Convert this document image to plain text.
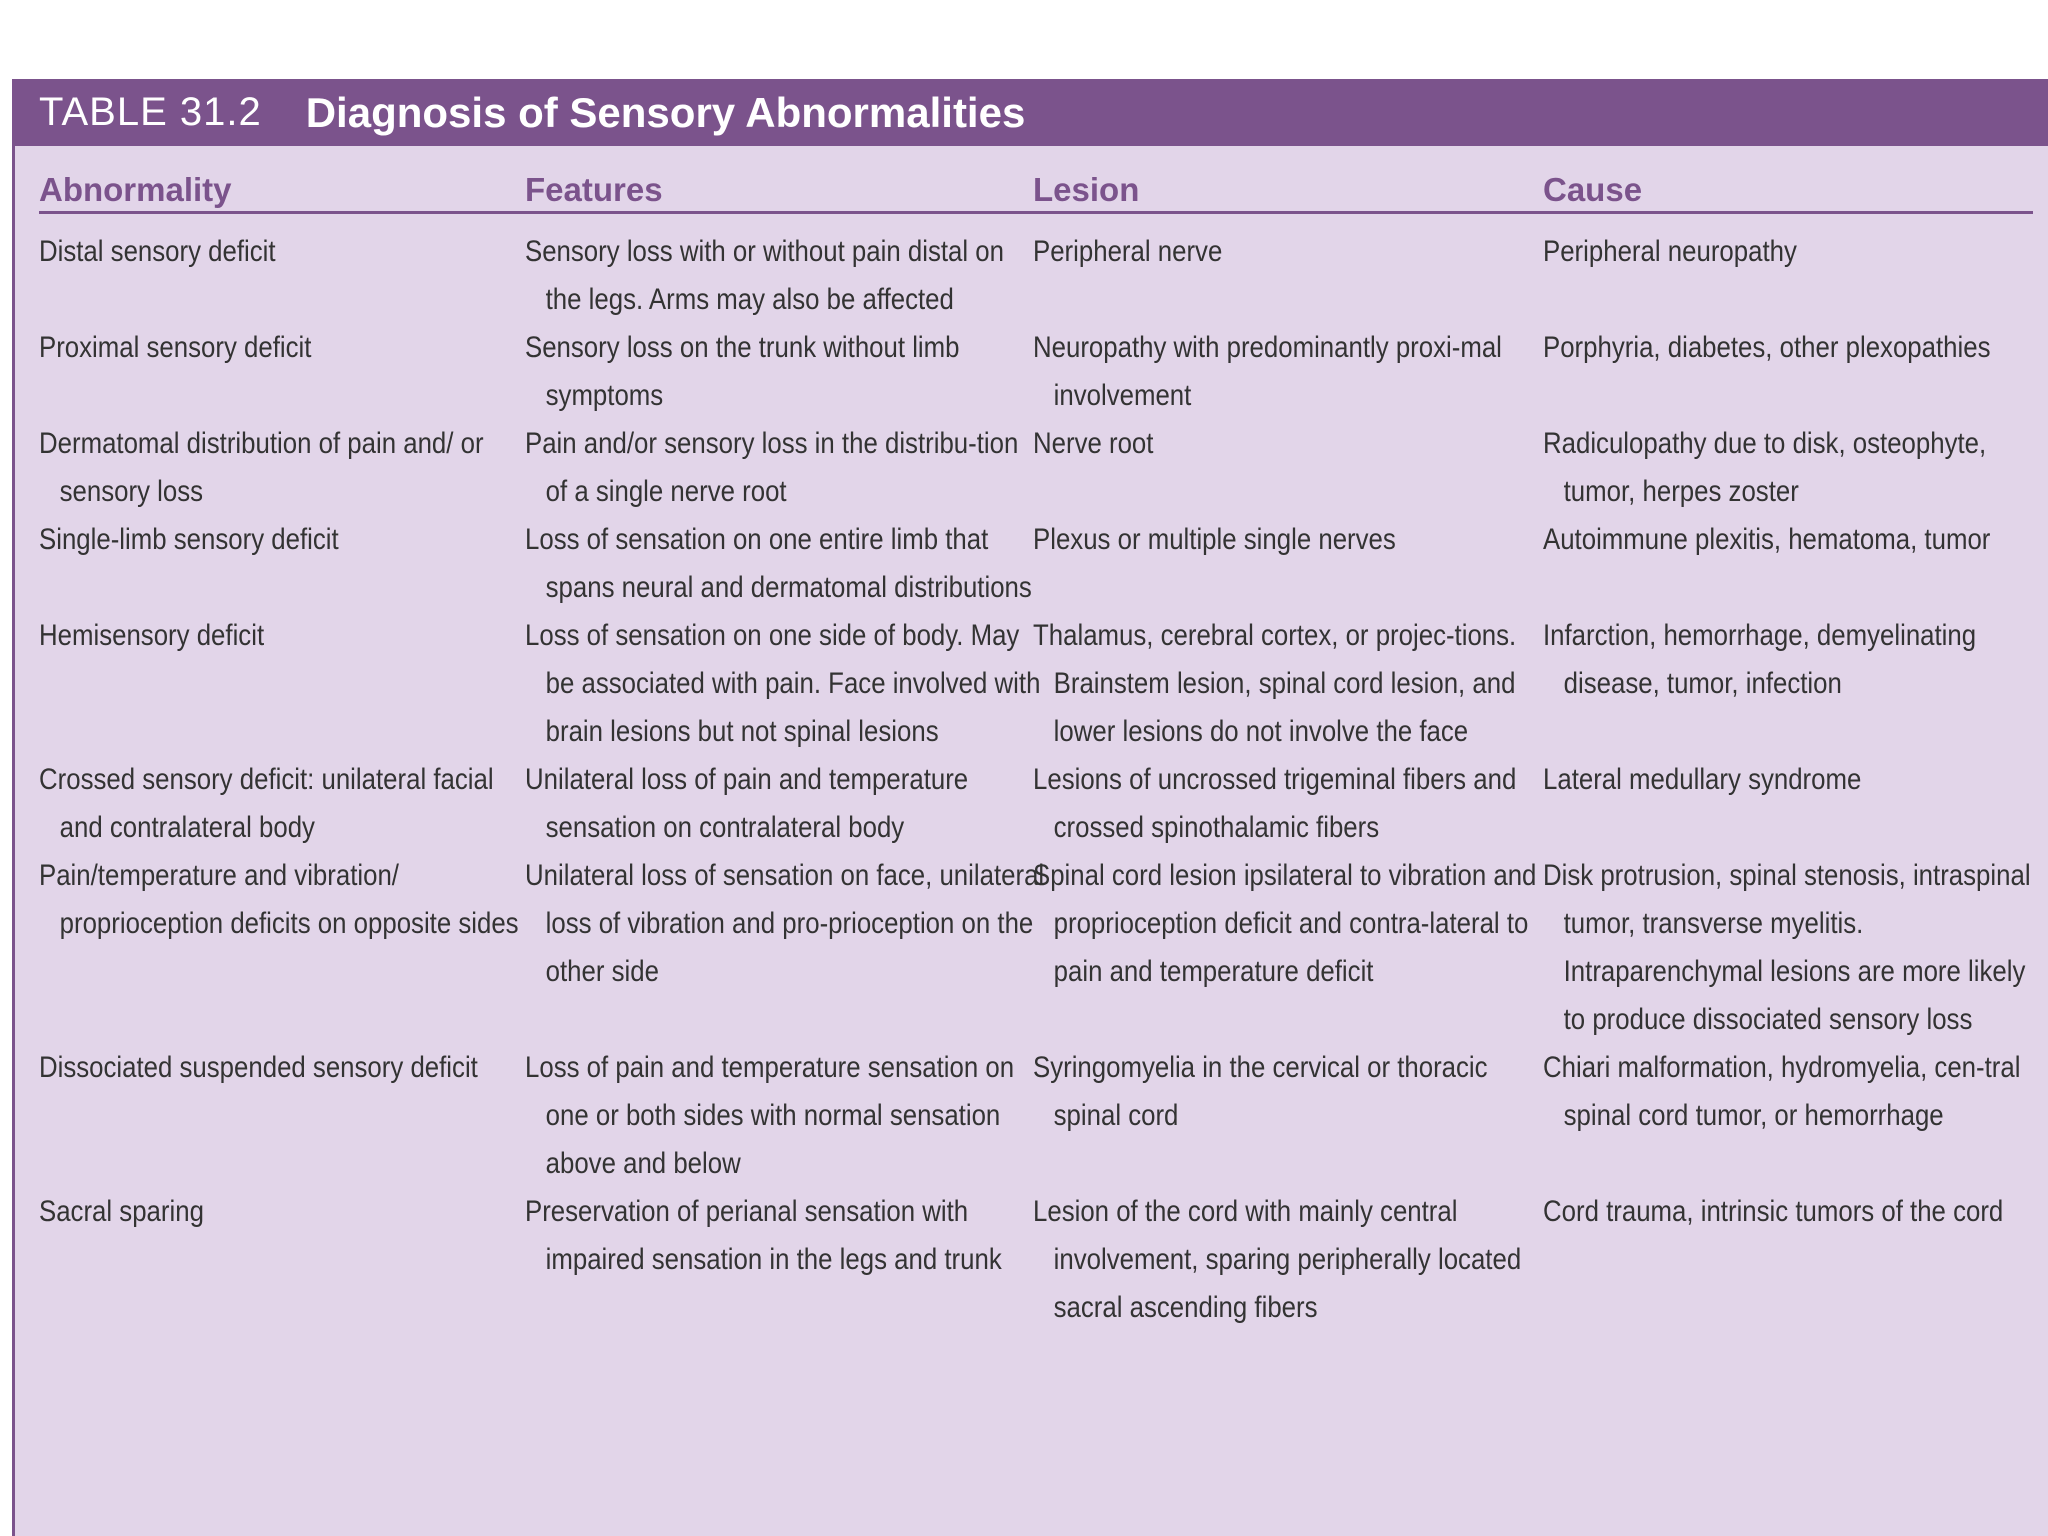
TABLE 31.2 Diagnosis of Sensory Abnormalities
Abnormality	Features	Lesion	Cause

Distal sensory deficit	Sensory loss with or without pain distal on the legs. Arms may also be affected	Peripheral nerve	Peripheral neuropathy

Proximal sensory deficit	Sensory loss on the trunk without limb symptoms	Neuropathy with predominantly proxi-mal involvement	Porphyria, diabetes, other plexopathies

Dermatomal distribution of pain and/ or sensory loss	Pain and/or sensory loss in the distribu-tion of a single nerve root	Nerve root	Radiculopathy due to disk, osteophyte, tumor, herpes zoster

Single-limb sensory deficit	Loss of sensation on one entire limb that spans neural and dermatomal distributions	Plexus or multiple single nerves	Autoimmune plexitis, hematoma, tumor

Hemisensory deficit	Loss of sensation on one side of body. May be associated with pain. Face involved with brain lesions but not spinal lesions	Thalamus, cerebral cortex, or projec-tions. Brainstem lesion, spinal cord lesion, and lower lesions do not involve the face	Infarction, hemorrhage, demyelinating disease, tumor, infection

Crossed sensory deficit: unilateral facial and contralateral body	Unilateral loss of pain and temperature sensation on contralateral body	Lesions of uncrossed trigeminal fibers and crossed spinothalamic fibers	Lateral medullary syndrome

Pain/temperature and vibration/ proprioception deficits on opposite sides	Unilateral loss of sensation on face, unilateral loss of vibration and pro-prioception on the other side	Spinal cord lesion ipsilateral to vibration and proprioception deficit and contra-lateral to pain and temperature deficit	Disk protrusion, spinal stenosis, intraspinal tumor, transverse myelitis. Intraparenchymal lesions are more likely to produce dissociated sensory loss

Dissociated suspended sensory deficit	Loss of pain and temperature sensation on one or both sides with normal sensation above and below	Syringomyelia in the cervical or thoracic spinal cord	Chiari malformation, hydromyelia, cen-tral spinal cord tumor, or hemorrhage

Sacral sparing	Preservation of perianal sensation with impaired sensation in the legs and trunk	Lesion of the cord with mainly central involvement, sparing peripherally located sacral ascending fibers	Cord trauma, intrinsic tumors of the cord
